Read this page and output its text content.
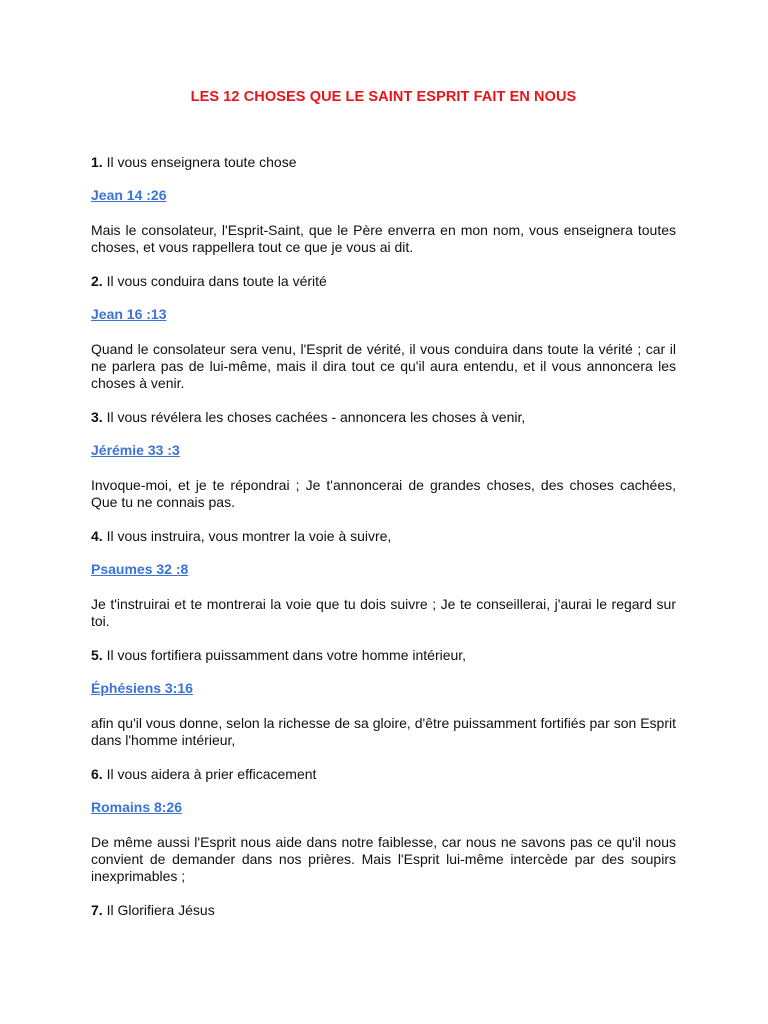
LES 12 CHOSES QUE LE SAINT ESPRIT FAIT EN NOUS
1. Il vous enseignera toute chose
Jean 14 :26
Mais le consolateur, l'Esprit-Saint, que le Père enverra en mon nom, vous enseignera toutes choses, et vous rappellera tout ce que je vous ai dit.
2. Il vous conduira dans toute la vérité
Jean 16 :13
Quand le consolateur sera venu, l'Esprit de vérité, il vous conduira dans toute la vérité ; car il ne parlera pas de lui-même, mais il dira tout ce qu'il aura entendu, et il vous annoncera les choses à venir.
3. Il vous révélera les choses cachées - annoncera les choses à venir,
Jérémie 33 :3
Invoque-moi, et je te répondrai ; Je t'annoncerai de grandes choses, des choses cachées, Que tu ne connais pas.
4. Il vous instruira, vous montrer la voie à suivre,
Psaumes 32 :8
Je t'instruirai et te montrerai la voie que tu dois suivre ; Je te conseillerai, j'aurai le regard sur toi.
5. Il vous fortifiera puissamment dans votre homme intérieur,
Éphésiens 3:16
afin qu'il vous donne, selon la richesse de sa gloire, d'être puissamment fortifiés par son Esprit dans l'homme intérieur,
6. Il vous aidera à prier efficacement
Romains 8:26
De même aussi l'Esprit nous aide dans notre faiblesse, car nous ne savons pas ce qu'il nous convient de demander dans nos prières. Mais l'Esprit lui-même intercède par des soupirs inexprimables ;
7. Il Glorifiera Jésus
